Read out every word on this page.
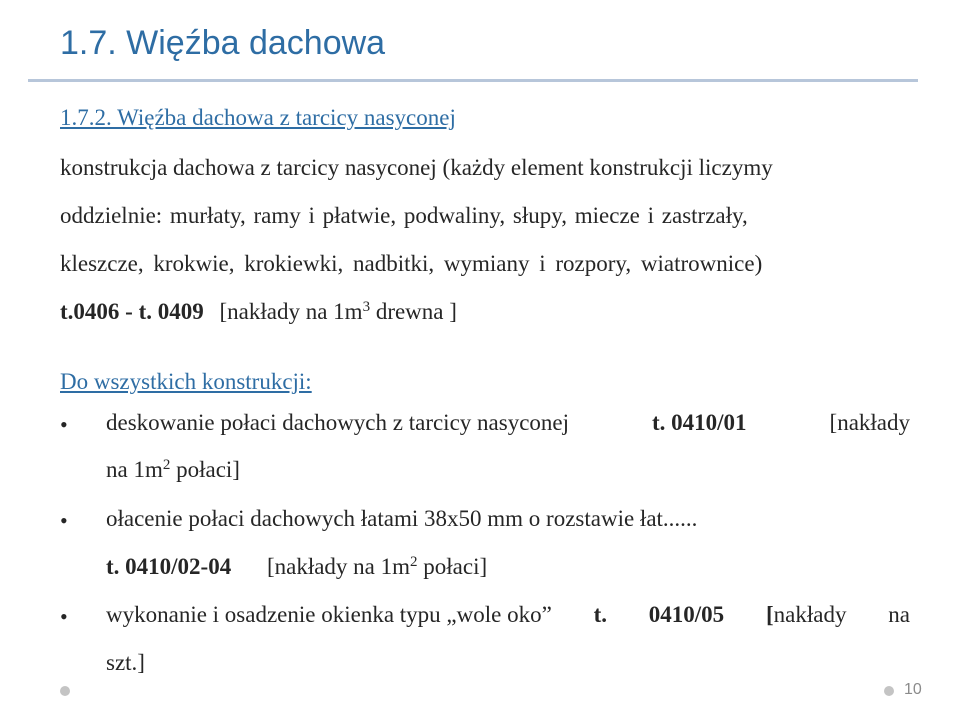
1.7. Więźba dachowa
1.7.2. Więźba dachowa z tarcicy nasyconej
konstrukcja dachowa z tarcicy nasyconej (każdy element konstrukcji liczymy
oddzielnie: murłaty, ramy i płatwie, podwaliny, słupy, miecze i zastrzały,
kleszcze, krokwie, krokiewki, nadbitki, wymiany i rozpory, wiatrownice)
t.0406 - t. 0409 [nakłady na $1m^3$ drewna ]
Do wszystkich konstrukcji:
• deskowanie połaci dachowych z tarcicy nasyconej	t. 0410/01	[nakłady
na $1m^2$ połaci]
• ołacenie połaci dachowych łatami 38x50 mm o rozstawie łat......
t. 0410/02-04 [nakłady na $1m^2$ połaci]
• wykonanie i osadzenie okienka typu „wole oko” t. 0410/05 [nakłady na
szt.]
10
